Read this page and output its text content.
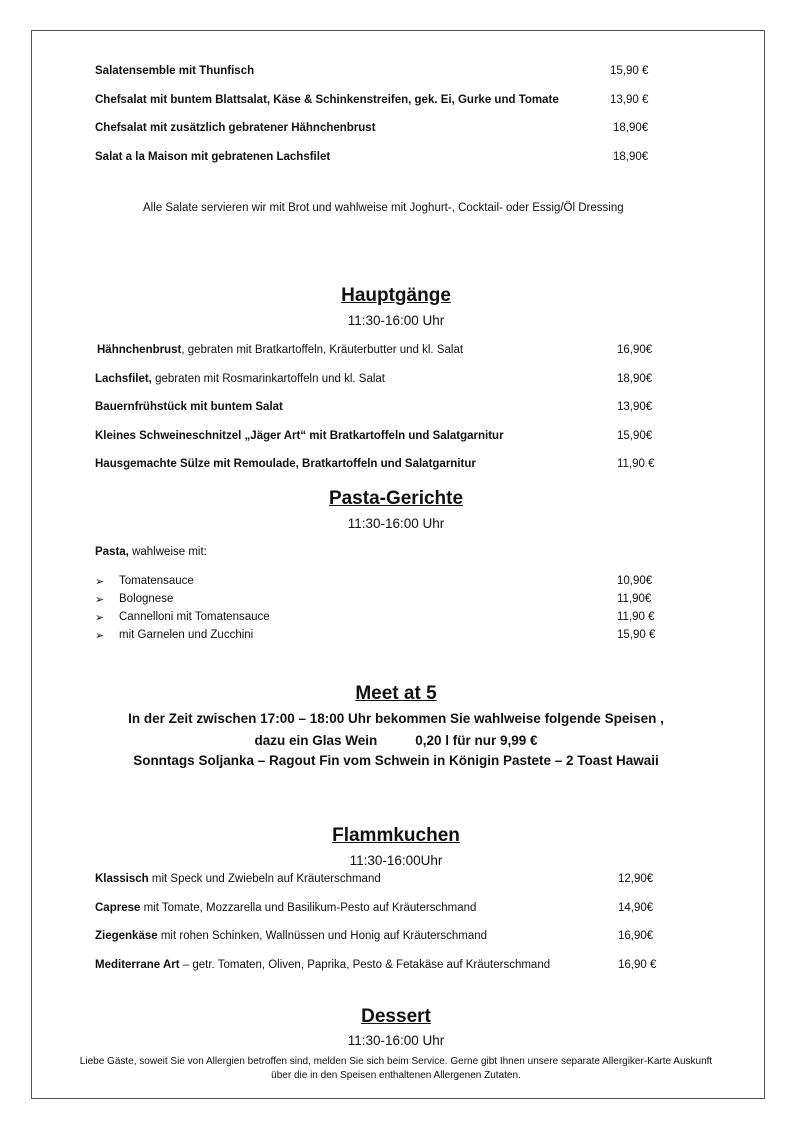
Salatensemble mit Thunfisch	15,90 €
Chefsalat mit buntem Blattsalat, Käse & Schinkenstreifen, gek. Ei, Gurke und Tomate	13,90 €
Chefsalat mit zusätzlich gebratener Hähnchenbrust	18,90€
Salat a la Maison mit gebratenen Lachsfilet	18,90€
Alle Salate servieren wir mit Brot und wahlweise mit Joghurt-, Cocktail- oder Essig/Öl Dressing
Hauptgänge
11:30-16:00 Uhr
Hähnchenbrust, gebraten mit Bratkartoffeln, Kräuterbutter und kl. Salat	16,90€
Lachsfilet, gebraten mit Rosmarinkartoffeln und kl. Salat	18,90€
Bauernfrühstück mit buntem Salat	13,90€
Kleines Schweineschnitzel „Jäger Art“ mit Bratkartoffeln und Salatgarnitur	15,90€
Hausgemachte Sülze mit Remoulade, Bratkartoffeln und Salatgarnitur	11,90 €
Pasta-Gerichte
11:30-16:00 Uhr
Pasta, wahlweise mit:
➢ Tomatensauce	10,90€
➢ Bolognese	11,90€
➢ Cannelloni mit Tomatensauce	11,90 €
➢ mit Garnelen und Zucchini	15,90 €
Meet at 5
In der Zeit zwischen 17:00 – 18:00 Uhr bekommen Sie wahlweise folgende Speisen ,
dazu ein Glas Wein	0,20 l für nur 9,99 €
Sonntags Soljanka – Ragout Fin vom Schwein in Königin Pastete – 2 Toast Hawaii
Flammkuchen
11:30-16:00Uhr
Klassisch mit Speck und Zwiebeln auf Kräuterschmand	12,90€
Caprese mit Tomate, Mozzarella und Basilikum-Pesto auf Kräuterschmand	14,90€
Ziegenkäse mit rohen Schinken, Wallnüssen und Honig auf Kräuterschmand	16,90€
Mediterrane Art – getr. Tomaten, Oliven, Paprika, Pesto & Fetakäse auf Kräuterschmand	16,90 €
Dessert
11:30-16:00 Uhr
Liebe Gäste, soweit Sie von Allergien betroffen sind, melden Sie sich beim Service. Gerne gibt Ihnen unsere separate Allergiker-Karte Auskunft
über die in den Speisen enthaltenen Allergenen Zutaten.
